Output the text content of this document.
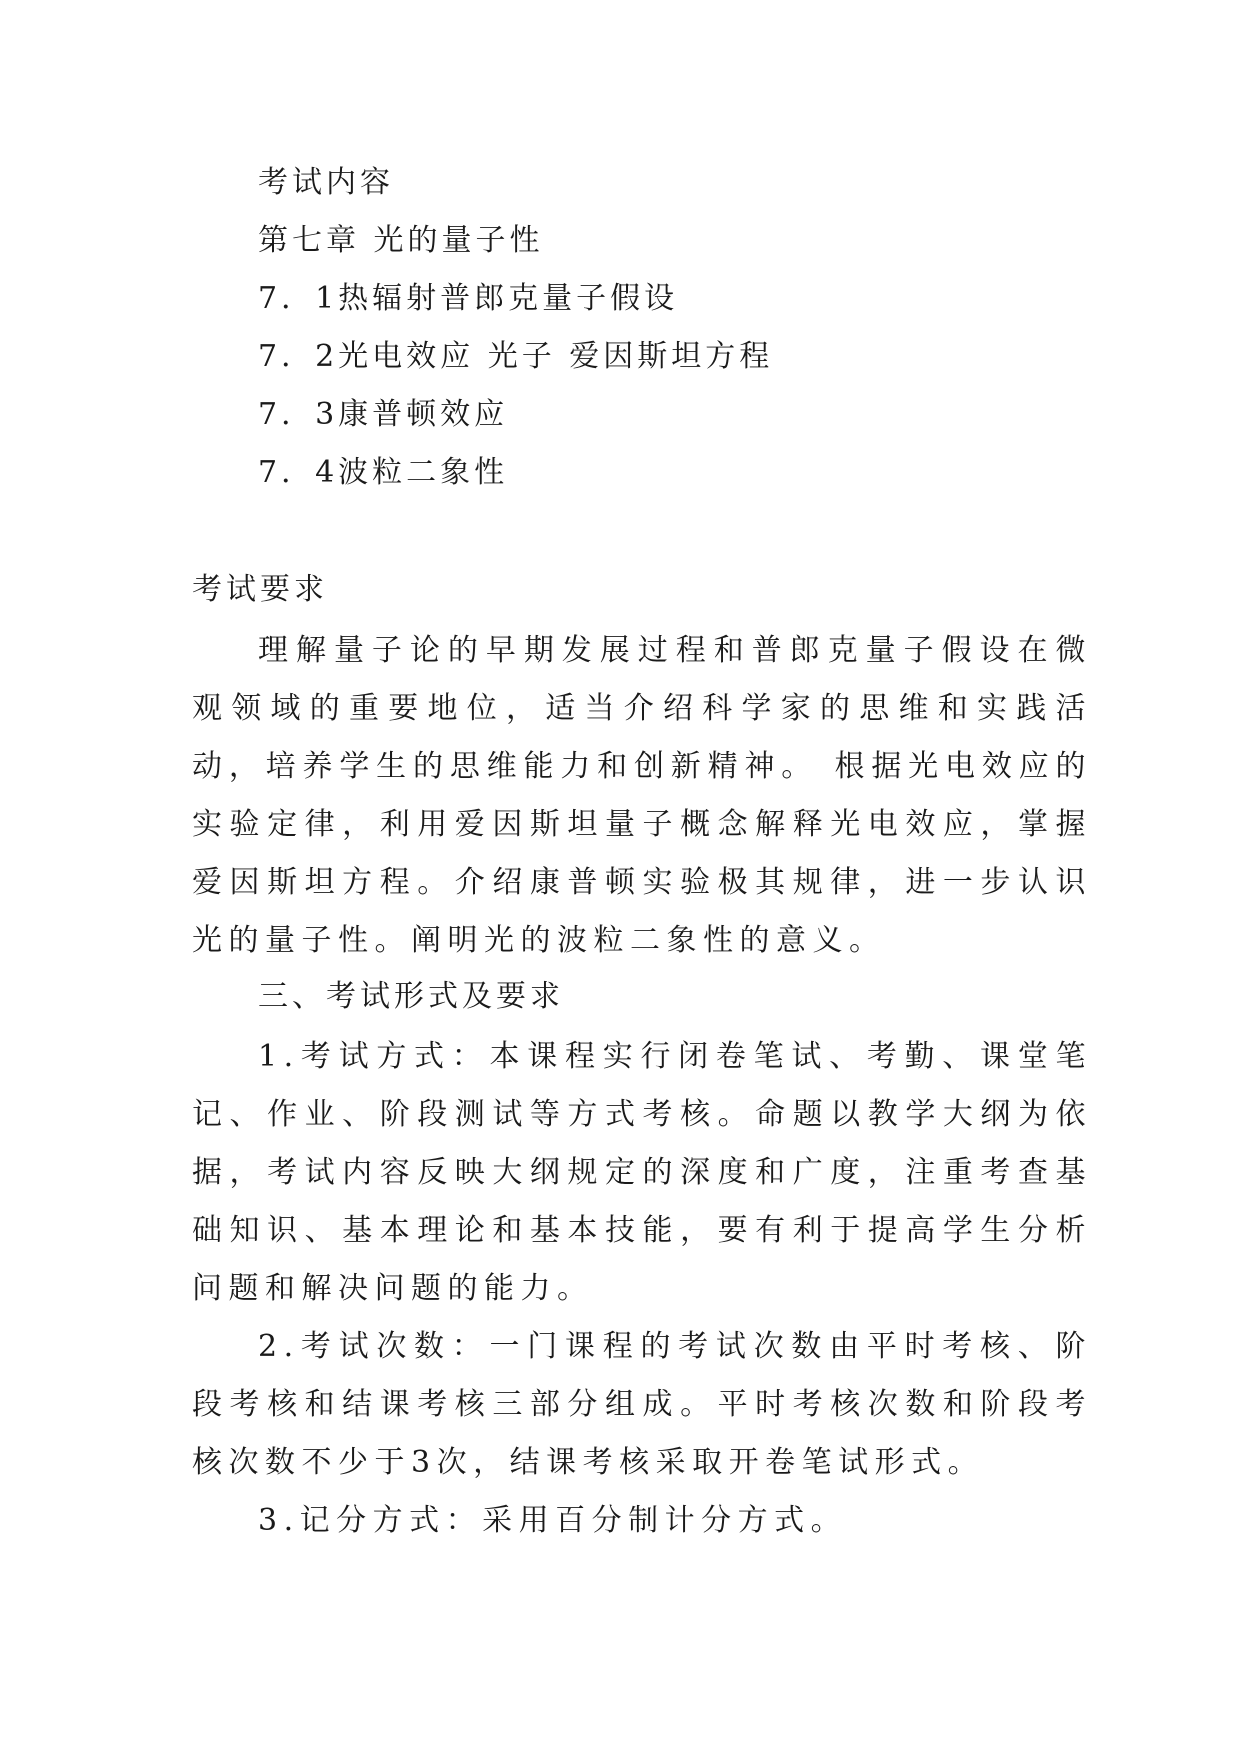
考试内容
第七章 光的量子性
7．1热辐射普郎克量子假设
7．2光电效应 光子 爱因斯坦方程
7．3康普顿效应
7．4波粒二象性
考试要求
理解量子论的早期发展过程和普郎克量子假设在微观领域的重要地位，适当介绍科学家的思维和实践活动，培养学生的思维能力和创新精神。 根据光电效应的实验定律，利用爱因斯坦量子概念解释光电效应，掌握爱因斯坦方程。介绍康普顿实验极其规律，进一步认识光的量子性。阐明光的波粒二象性的意义。
三、考试形式及要求
1.考试方式：本课程实行闭卷笔试、考勤、课堂笔记、作业、阶段测试等方式考核。命题以教学大纲为依据，考试内容反映大纲规定的深度和广度，注重考查基础知识、基本理论和基本技能，要有利于提高学生分析问题和解决问题的能力。
2.考试次数：一门课程的考试次数由平时考核、阶段考核和结课考核三部分组成。平时考核次数和阶段考核次数不少于3次，结课考核采取开卷笔试形式。
3.记分方式：采用百分制计分方式。
